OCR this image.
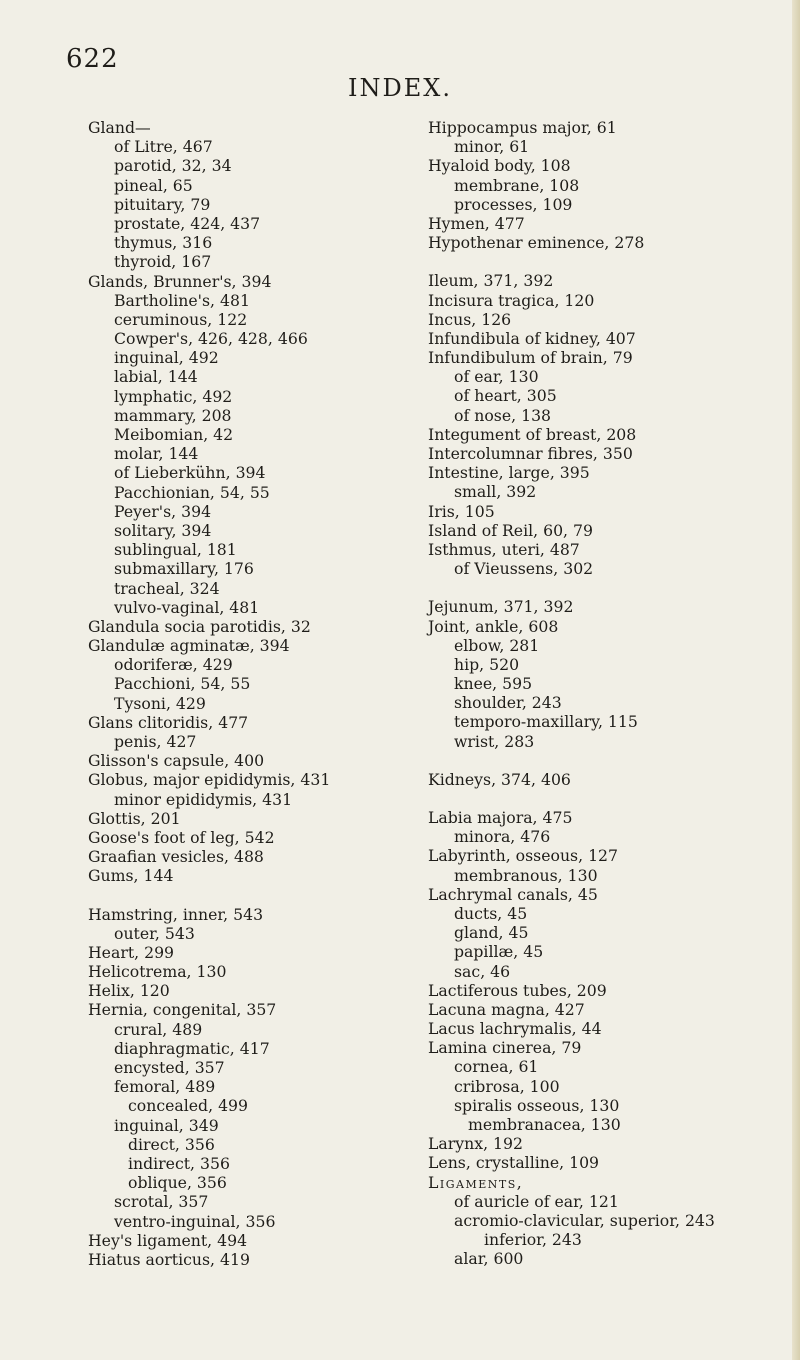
622
INDEX.
Gland—
of Litre, 467
parotid, 32, 34
pineal, 65
pituitary, 79
prostate, 424, 437
thymus, 316
thyroid, 167
Glands, Brunner's, 394
Bartholine's, 481
ceruminous, 122
Cowper's, 426, 428, 466
inguinal, 492
labial, 144
lymphatic, 492
mammary, 208
Meibomian, 42
molar, 144
of Lieberkühn, 394
Pacchionian, 54, 55
Peyer's, 394
solitary, 394
sublingual, 181
submaxillary, 176
tracheal, 324
vulvo-vaginal, 481
Glandula socia parotidis, 32
Glandulæ agminatæ, 394
odoriferæ, 429
Pacchioni, 54, 55
Tysoni, 429
Glans clitoridis, 477
penis, 427
Glisson's capsule, 400
Globus, major epididymis, 431
minor epididymis, 431
Glottis, 201
Goose's foot of leg, 542
Graafian vesicles, 488
Gums, 144
Hamstring, inner, 543
outer, 543
Heart, 299
Helicotrema, 130
Helix, 120
Hernia, congenital, 357
crural, 489
diaphragmatic, 417
encysted, 357
femoral, 489
concealed, 499
inguinal, 349
direct, 356
indirect, 356
oblique, 356
scrotal, 357
ventro-inguinal, 356
Hey's ligament, 494
Hiatus aorticus, 419
Hippocampus major, 61
minor, 61
Hyaloid body, 108
membrane, 108
processes, 109
Hymen, 477
Hypothenar eminence, 278
Ileum, 371, 392
Incisura tragica, 120
Incus, 126
Infundibula of kidney, 407
Infundibulum of brain, 79
of ear, 130
of heart, 305
of nose, 138
Integument of breast, 208
Intercolumnar fibres, 350
Intestine, large, 395
small, 392
Iris, 105
Island of Reil, 60, 79
Isthmus, uteri, 487
of Vieussens, 302
Jejunum, 371, 392
Joint, ankle, 608
elbow, 281
hip, 520
knee, 595
shoulder, 243
temporo-maxillary, 115
wrist, 283
Kidneys, 374, 406
Labia majora, 475
minora, 476
Labyrinth, osseous, 127
membranous, 130
Lachrymal canals, 45
ducts, 45
gland, 45
papillæ, 45
sac, 46
Lactiferous tubes, 209
Lacuna magna, 427
Lacus lachrymalis, 44
Lamina cinerea, 79
cornea, 61
cribrosa, 100
spiralis osseous, 130
membranacea, 130
Larynx, 192
Lens, crystalline, 109
Ligaments,
of auricle of ear, 121
acromio-clavicular, superior, 243
inferior, 243
alar, 600
